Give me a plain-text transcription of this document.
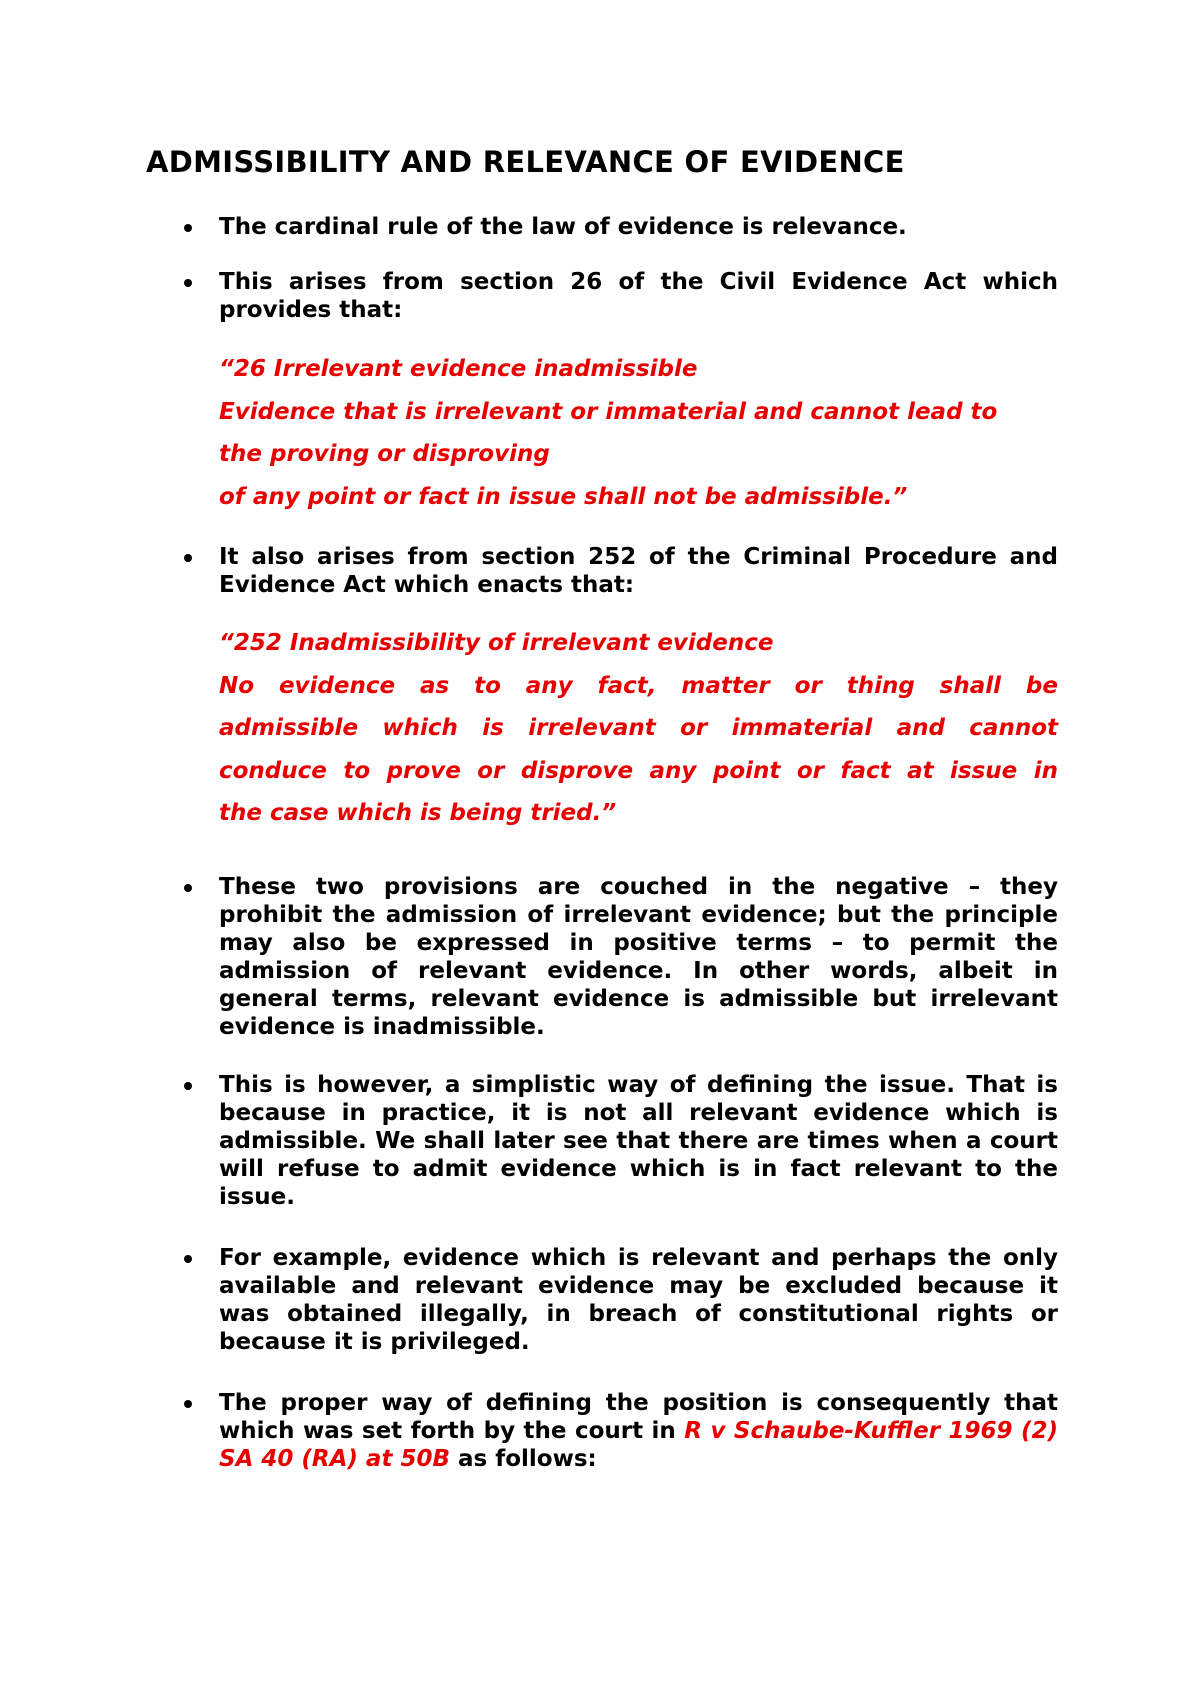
ADMISSIBILITY AND RELEVANCE OF EVIDENCE
The cardinal rule of the law of evidence is relevance.
This arises from section 26 of the Civil Evidence Act which provides that:
“26 Irrelevant evidence inadmissible
Evidence that is irrelevant or immaterial and cannot lead to
the proving or disproving
of any point or fact in issue shall not be admissible.”
It also arises from section 252 of the Criminal Procedure and Evidence Act which enacts that:
“252 Inadmissibility of irrelevant evidence
No evidence as to any fact, matter or thing shall be
admissible which is irrelevant or immaterial and cannot
conduce to prove or disprove any point or fact at issue in
the case which is being tried.”
These two provisions are couched in the negative – they prohibit the admission of irrelevant evidence; but the principle may also be expressed in positive terms – to permit the admission of relevant evidence. In other words, albeit in general terms, relevant evidence is admissible but irrelevant evidence is inadmissible.
This is however, a simplistic way of defining the issue. That is because in practice, it is not all relevant evidence which is admissible. We shall later see that there are times when a court will refuse to admit evidence which is in fact relevant to the issue.
For example, evidence which is relevant and perhaps the only available and relevant evidence may be excluded because it was obtained illegally, in breach of constitutional rights or because it is privileged.
The proper way of defining the position is consequently that which was set forth by the court in R v Schaube-Kuffler 1969 (2) SA 40 (RA) at 50B as follows:
